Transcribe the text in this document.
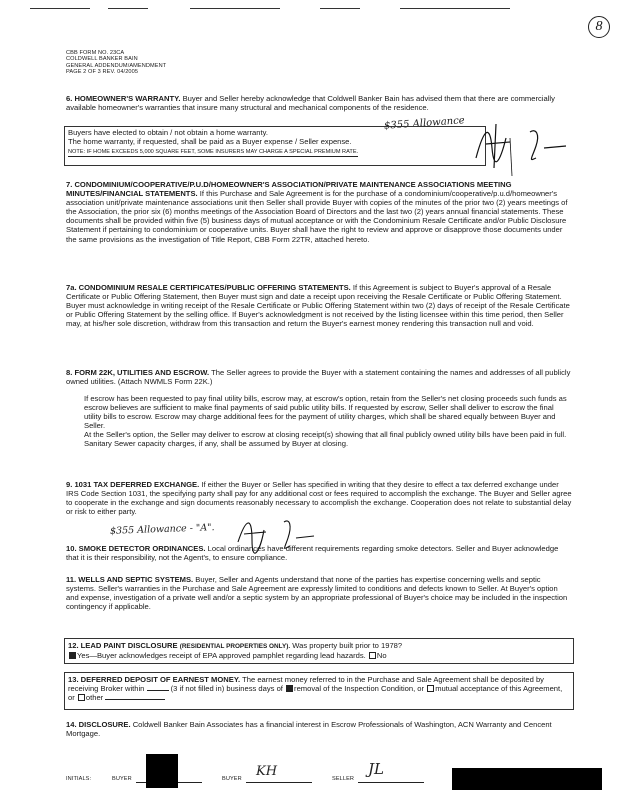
8
CBB FORM NO. 23CA
COLDWELL BANKER BAIN
GENERAL ADDENDUM/AMENDMENT
PAGE 2 OF 3 REV. 04/2005

6. HOMEOWNER'S WARRANTY. Buyer and Seller hereby acknowledge that Coldwell Banker Bain has advised them that there are commercially available homeowner's warranties that insure many structural and mechanical components of the residence.

$355 Allowance

Buyers have elected to obtain / not obtain a home warranty.

The home warranty, if requested, shall be paid as a Buyer expense / Seller expense.

NOTE: IF HOME EXCEEDS 5,000 SQUARE FEET, SOME INSURERS MAY CHARGE A SPECIAL PREMIUM RATE.

7. CONDOMINIUM/COOPERATIVE/P.U.D/HOMEOWNER'S ASSOCIATION/PRIVATE MAINTENANCE ASSOCIATIONS MEETING MINUTES/FINANCIAL STATEMENTS. If this Purchase and Sale Agreement is for the purchase of a condominium/cooperative/p.u.d/homeowner's association unit/private maintenance associations unit then Seller shall provide Buyer with copies of the minutes of the prior two (2) years meetings of the Association, the prior six (6) months meetings of the Association Board of Directors and the last two (2) years annual financial statements. These documents shall be provided within five (5) business days of mutual acceptance or with the Condominium Resale Certificate and/or Public Disclosure Statement if pertaining to condominium or cooperative units. Buyer shall have the right to review and approve or disapprove those documents under the same provisions as the investigation of Title Report, CBB Form 22TR, attached hereto.

7a. CONDOMINIUM RESALE CERTIFICATES/PUBLIC OFFERING STATEMENTS. If this Agreement is subject to Buyer's approval of a Resale Certificate or Public Offering Statement, then Buyer must sign and date a receipt upon receiving the Resale Certificate or Public Offering Statement. Buyer must acknowledge in writing receipt of the Resale Certificate or Public Offering Statement within two (2) days of receipt of the Resale Certificate or Public Offering Statement by the selling office. If Buyer's acknowledgment is not received by the listing licensee within this time period, then Seller may, at his/her sole discretion, withdraw from this transaction and return the Buyer's earnest money rendering this transaction null and void.

8. FORM 22K, UTILITIES AND ESCROW. The Seller agrees to provide the Buyer with a statement containing the names and addresses of all publicly owned utilities. (Attach NWMLS Form 22K.)

If escrow has been requested to pay final utility bills, escrow may, at escrow's option, retain from the Seller's net closing proceeds such funds as escrow believes are sufficient to make final payments of said public utility bills. If requested by escrow, Seller shall deliver to escrow the final utility bills to escrow. Escrow may charge additional fees for the payment of utility charges, which shall be shared equally between Buyer and Seller.

At the Seller's option, the Seller may deliver to escrow at closing receipt(s) showing that all final publicly owned utility bills have been paid in full.

Sanitary Sewer capacity charges, if any, shall be assumed by Buyer at closing.

9. 1031 TAX DEFERRED EXCHANGE. If either the Buyer or Seller has specified in writing that they desire to effect a tax deferred exchange under IRS Code Section 1031, the specifying party shall pay for any additional cost or fees required to accomplish the exchange. The Buyer and Seller agree to cooperate in the exchange and sign documents reasonably necessary to accomplish the exchange. Cooperation does not relate to substantial delay or risk to either party.

$355 Allowance - "A".

10. SMOKE DETECTOR ORDINANCES. Local ordinances have different requirements regarding smoke detectors. Seller and Buyer acknowledge that it is their responsibility, not the Agent's, to ensure compliance.

11. WELLS AND SEPTIC SYSTEMS. Buyer, Seller and Agents understand that none of the parties has expertise concerning wells and septic systems. Seller's warranties in the Purchase and Sale Agreement are expressly limited to conditions and defects known to Seller. At Buyer's option and expense, investigation of a private well and/or a septic system by an appropriate professional of Buyer's choice may be included in the inspection contingency if applicable.

12. LEAD PAINT DISCLOSURE (RESIDENTIAL PROPERTIES ONLY). Was property built prior to 1978?

Yes—Buyer acknowledges receipt of EPA approved pamphlet regarding lead hazards. No

13. DEFERRED DEPOSIT OF EARNEST MONEY. The earnest money referred to in the Purchase and Sale Agreement shall be deposited by receiving Broker within	(3 if not filled in) business days of removal of the Inspection Condition, or mutual acceptance of this Agreement, or other

14. DISCLOSURE. Coldwell Banker Bain Associates has a financial interest in Escrow Professionals of Washington, ACN Warranty and Cencent Mortgage.

INITIALS:	BUYER	BUYER KH	SELLER
JL
